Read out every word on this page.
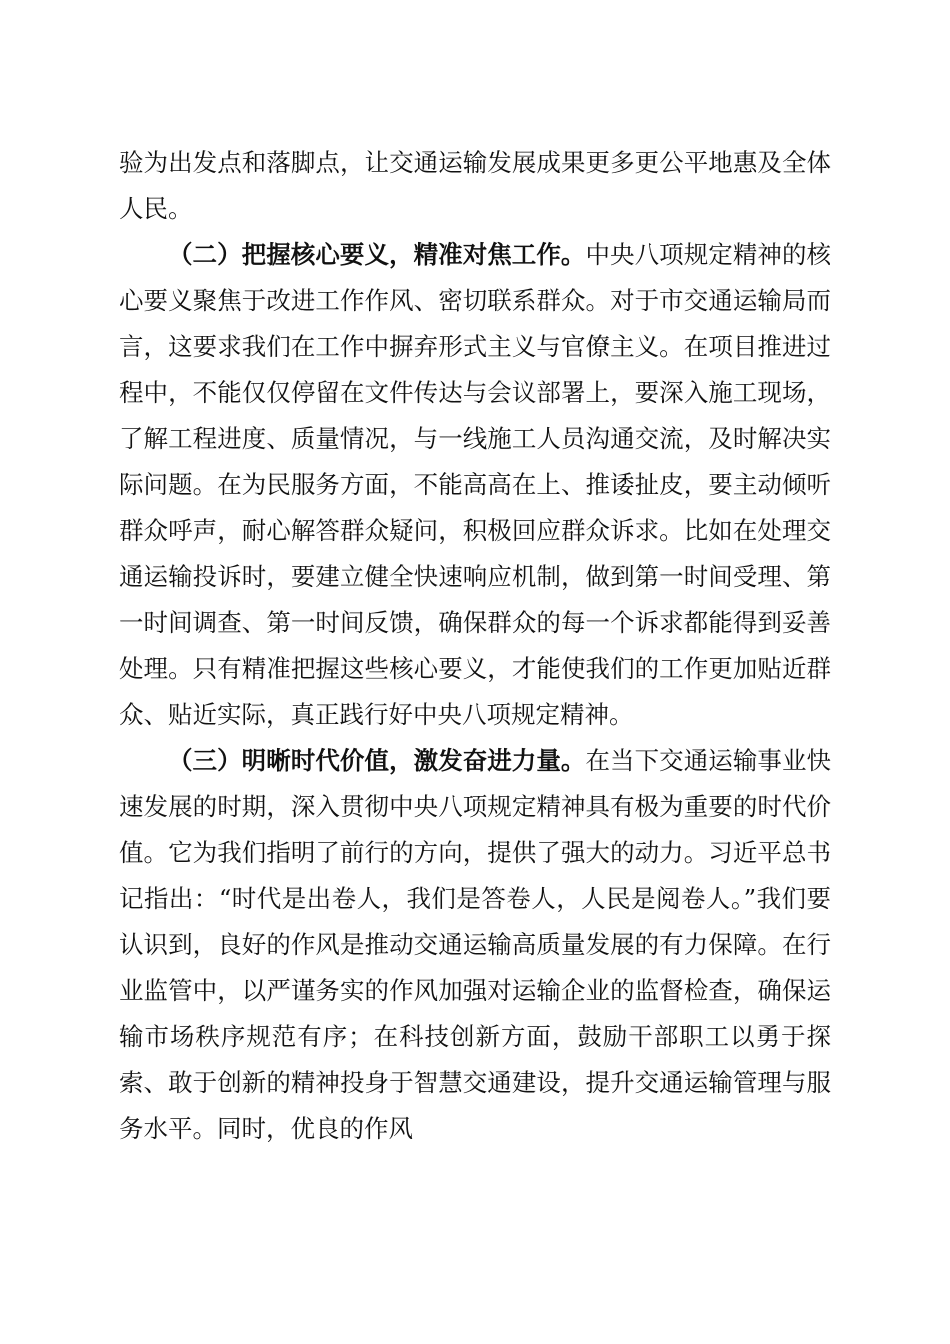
验为出发点和落脚点，让交通运输发展成果更多更公平地惠及全体人民。

（二）把握核心要义，精准对焦工作。中央八项规定精神的核心要义聚焦于改进工作作风、密切联系群众。对于市交通运输局而言，这要求我们在工作中摒弃形式主义与官僚主义。在项目推进过程中，不能仅仅停留在文件传达与会议部署上，要深入施工现场，了解工程进度、质量情况，与一线施工人员沟通交流，及时解决实际问题。在为民服务方面，不能高高在上、推诿扯皮，要主动倾听群众呼声，耐心解答群众疑问，积极回应群众诉求。比如在处理交通运输投诉时，要建立健全快速响应机制，做到第一时间受理、第一时间调查、第一时间反馈，确保群众的每一个诉求都能得到妥善处理。只有精准把握这些核心要义，才能使我们的工作更加贴近群众、贴近实际，真正践行好中央八项规定精神。

（三）明晰时代价值，激发奋进力量。在当下交通运输事业快速发展的时期，深入贯彻中央八项规定精神具有极为重要的时代价值。它为我们指明了前行的方向，提供了强大的动力。习近平总书记指出：“时代是出卷人，我们是答卷人，人民是阅卷人。”我们要认识到，良好的作风是推动交通运输高质量发展的有力保障。在行业监管中，以严谨务实的作风加强对运输企业的监督检查，确保运输市场秩序规范有序；在科技创新方面，鼓励干部职工以勇于探索、敢于创新的精神投身于智慧交通建设，提升交通运输管理与服务水平。同时，优良的作风
